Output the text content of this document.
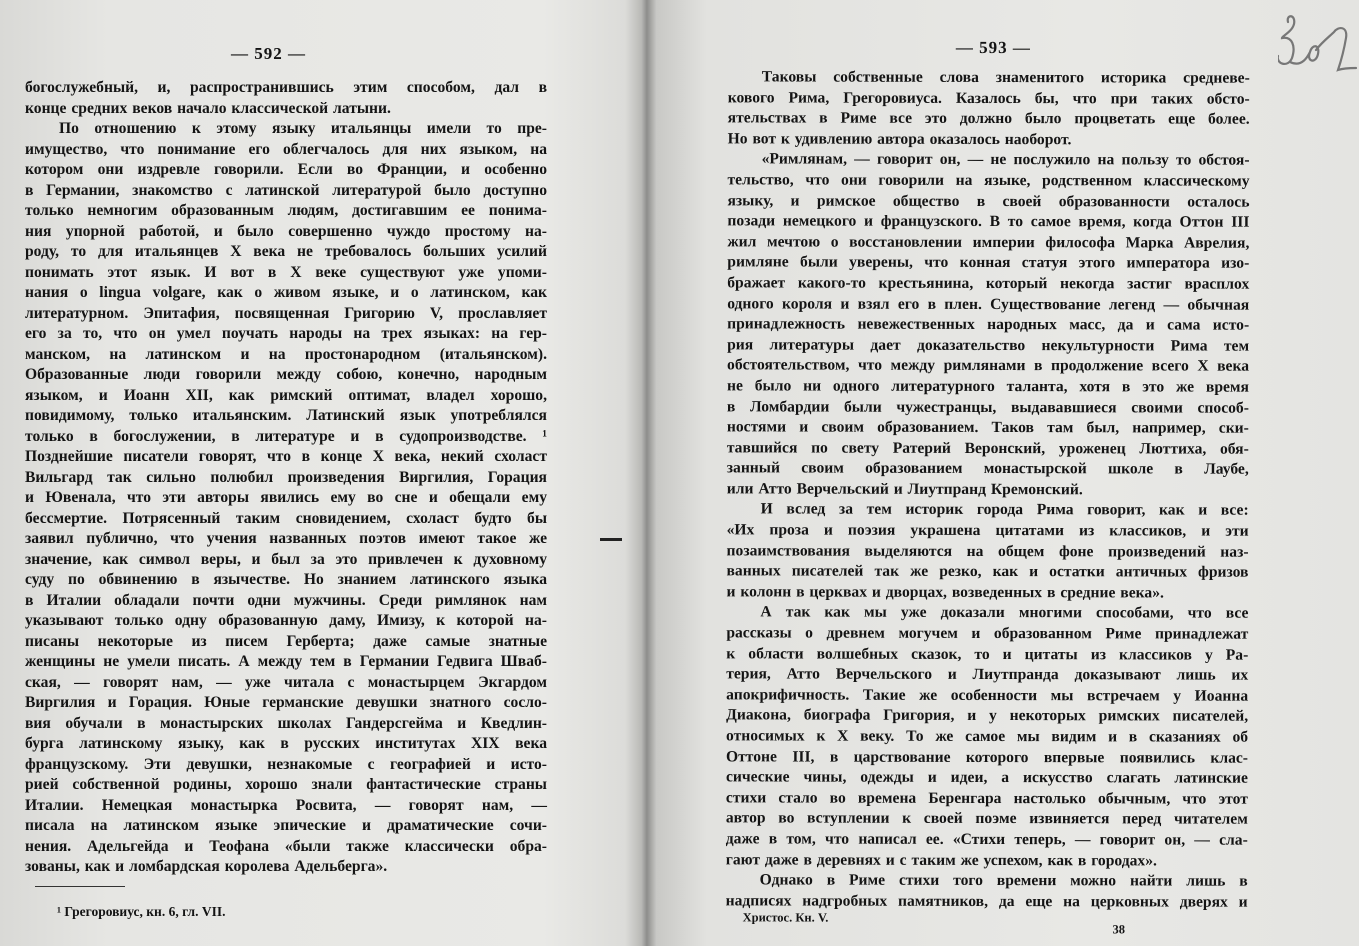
— 592 —
богослужебный, и, распространившись этим способом, дал в
конце средних веков начало классической латыни.
По отношению к этому языку итальянцы имели то пре-
имущество, что понимание его облегчалось для них языком, на
котором они издревле говорили. Если во Франции, и особенно
в Германии, знакомство с латинской литературой было доступно
только немногим образованным людям, достигавшим ее понима-
ния упорной работой, и было совершенно чуждо простому на-
роду, то для итальянцев X века не требовалось больших усилий
понимать этот язык. И вот в X веке существуют уже упоми-
нания о lingua volgare, как о живом языке, и о латинском, как
литературном. Эпитафия, посвященная Григорию V, прославляет
его за то, что он умел поучать народы на трех языках: на гер-
манском, на латинском и на простонародном (итальянском).
Образованные люди говорили между собою, конечно, народным
языком, и Иоанн XII, как римский оптимат, владел хорошо,
повидимому, только итальянским. Латинский язык употреблялся
только в богослужении, в литературе и в судопроизводстве. ¹
Позднейшие писатели говорят, что в конце X века, некий схоласт
Вильгард так сильно полюбил произведения Виргилия, Горация
и Ювенала, что эти авторы явились ему во сне и обещали ему
бессмертие. Потрясенный таким сновидением, схоласт будто бы
заявил публично, что учения названных поэтов имеют такое же
значение, как символ веры, и был за это привлечен к духовному
суду по обвинению в язычестве. Но знанием латинского языка
в Италии обладали почти одни мужчины. Среди римлянок нам
указывают только одну образованную даму, Имизу, к которой на-
писаны некоторые из писем Герберта; даже самые знатные
женщины не умели писать. А между тем в Германии Гедвига Шваб-
ская, — говорят нам, — уже читала с монастырцем Экгардом
Виргилия и Горация. Юные германские девушки знатного сосло-
вия обучали в монастырских школах Гандерсгейма и Кведлин-
бурга латинскому языку, как в русских институтах XIX века
французскому. Эти девушки, незнакомые с географией и исто-
рией собственной родины, хорошо знали фантастические страны
Италии. Немецкая монастырка Росвита, — говорят нам, —
писала на латинском языке эпические и драматические сочи-
нения. Адельгейда и Теофана «были также классически обра-
зованы, как и ломбардская королева Адельберга».
¹ Грегоровиус, кн. 6, гл. VII.
— 593 —
Таковы собственные слова знаменитого историка средневе-
кового Рима, Грегоровиуса. Казалось бы, что при таких обсто-
ятельствах в Риме все это должно было процветать еще более.
Но вот к удивлению автора оказалось наоборот.
«Римлянам, — говорит он, — не послужило на пользу то обстоя-
тельство, что они говорили на языке, родственном классическому
языку, и римское общество в своей образованности осталось
позади немецкого и французского. В то самое время, когда Оттон III
жил мечтою о восстановлении империи философа Марка Аврелия,
римляне были уверены, что конная статуя этого императора изо-
бражает какого-то крестьянина, который некогда застиг врасплох
одного короля и взял его в плен. Существование легенд — обычная
принадлежность невежественных народных масс, да и сама исто-
рия литературы дает доказательство некультурности Рима тем
обстоятельством, что между римлянами в продолжение всего X века
не было ни одного литературного таланта, хотя в это же время
в Ломбардии были чужестранцы, выдававшиеся своими способ-
ностями и своим образованием. Таков там был, например, ски-
тавшийся по свету Ратерий Веронский, уроженец Люттиха, обя-
занный своим образованием монастырской школе в Лаубе,
или Атто Верчельский и Лиутпранд Кремонский.
И вслед за тем историк города Рима говорит, как и все:
«Их проза и поэзия украшена цитатами из классиков, и эти
позаимствования выделяются на общем фоне произведений наз-
ванных писателей так же резко, как и остатки античных фризов
и колонн в церквах и дворцах, возведенных в средние века».
А так как мы уже доказали многими способами, что все
рассказы о древнем могучем и образованном Риме принадлежат
к области волшебных сказок, то и цитаты из классиков у Ра-
терия, Атто Верчельского и Лиутпранда доказывают лишь их
апокрифичность. Такие же особенности мы встречаем у Иоанна
Диакона, биографа Григория, и у некоторых римских писателей,
относимых к X веку. То же самое мы видим и в сказаниях об
Оттоне III, в царствование которого впервые появились клас-
сические чины, одежды и идеи, а искусство слагать латинские
стихи стало во времена Беренгара настолько обычным, что этот
автор во вступлении к своей поэме извиняется перед читателем
даже в том, что написал ее. «Стихи теперь, — говорит он, — сла-
гают даже в деревнях и с таким же успехом, как в городах».
Однако в Риме стихи того времени можно найти лишь в
надписях надгробных памятников, да еще на церковных дверях и
Христос. Кн. V.
38
